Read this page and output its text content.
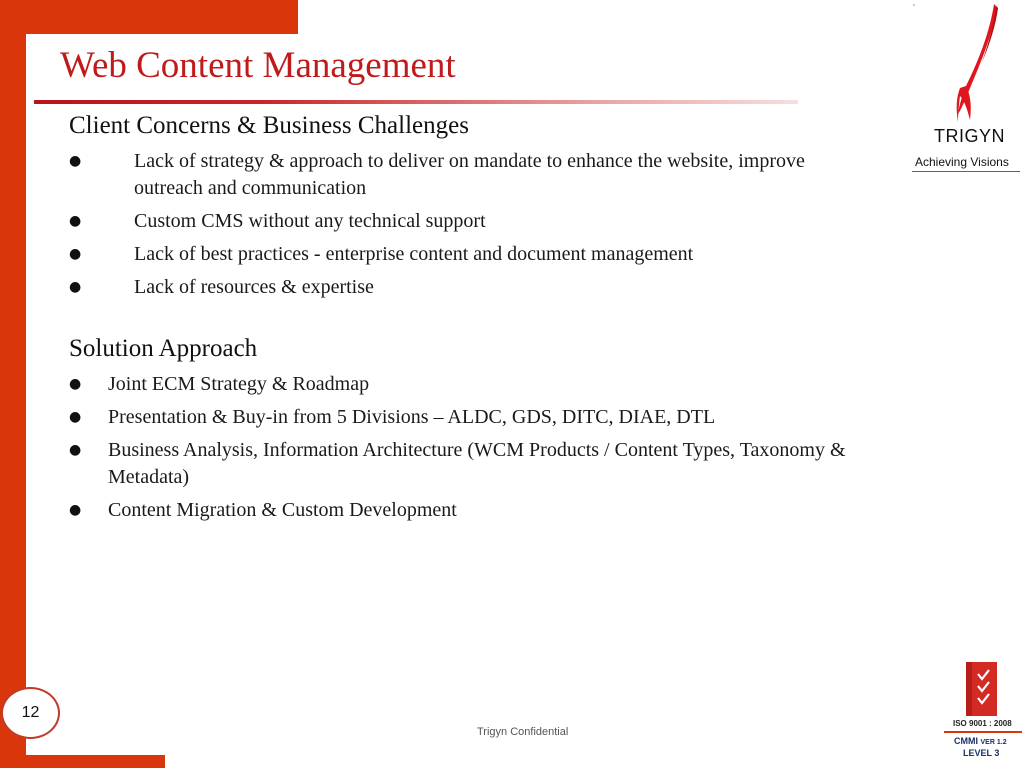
Web Content Management
Client Concerns & Business Challenges
●	Lack of strategy & approach to deliver on mandate to enhance the website, improve outreach and communication
●	Custom CMS without any technical support
●	Lack of best practices - enterprise content and document management
●	Lack of resources & expertise
Solution Approach
● Joint ECM Strategy & Roadmap
● Presentation & Buy-in from 5 Divisions – ALDC, GDS, DITC, DIAE, DTL
● Business Analysis, Information Architecture (WCM Products / Content Types, Taxonomy & Metadata)
● Content Migration & Custom Development
TRIGYN
Achieving Visions
12
Trigyn Confidential
ISO 9001 : 2008
CMMI VER 1.2
LEVEL 3
